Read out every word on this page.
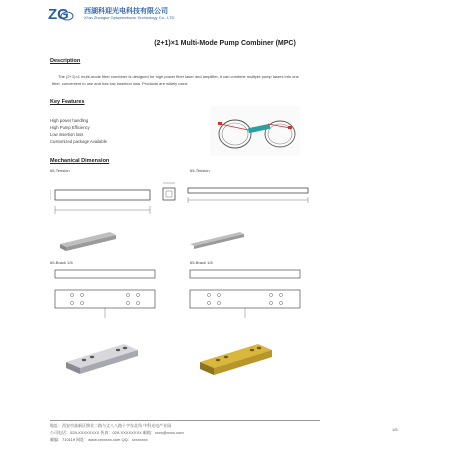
ZG 西湖科迎光电科技有限公司
Xi'an Zhongke Optoelectronic Technology Co., LTD
(2+1)×1 Multi-Mode Pump Combiner (MPC)
Description
The (2+1)×1 multi-mode fiber combiner is designed for high power fiber laser and amplifier, it can combine multiple pump lasers into one
fiber, convenient to use and has low insertion loss. Products are widely used.
Key Features
High power handling
High Pump Efficiency
Low insertion loss
Customized package Available
Mechanical Dimension
65-Tension	65-Tension
65-Brack 1/6	65-Brack 1/6
地址：西安市高新区锦业二路与丈八八路十字东北角 中科光电产业园
公司电话：029-XXXXXXXX 传真：029-XXXXXXXX 邮箱：xxxx@xxxx.com
邮编：710119 网址：www.xxxxxxx.com QQ：xxxxxxxx
1/6
